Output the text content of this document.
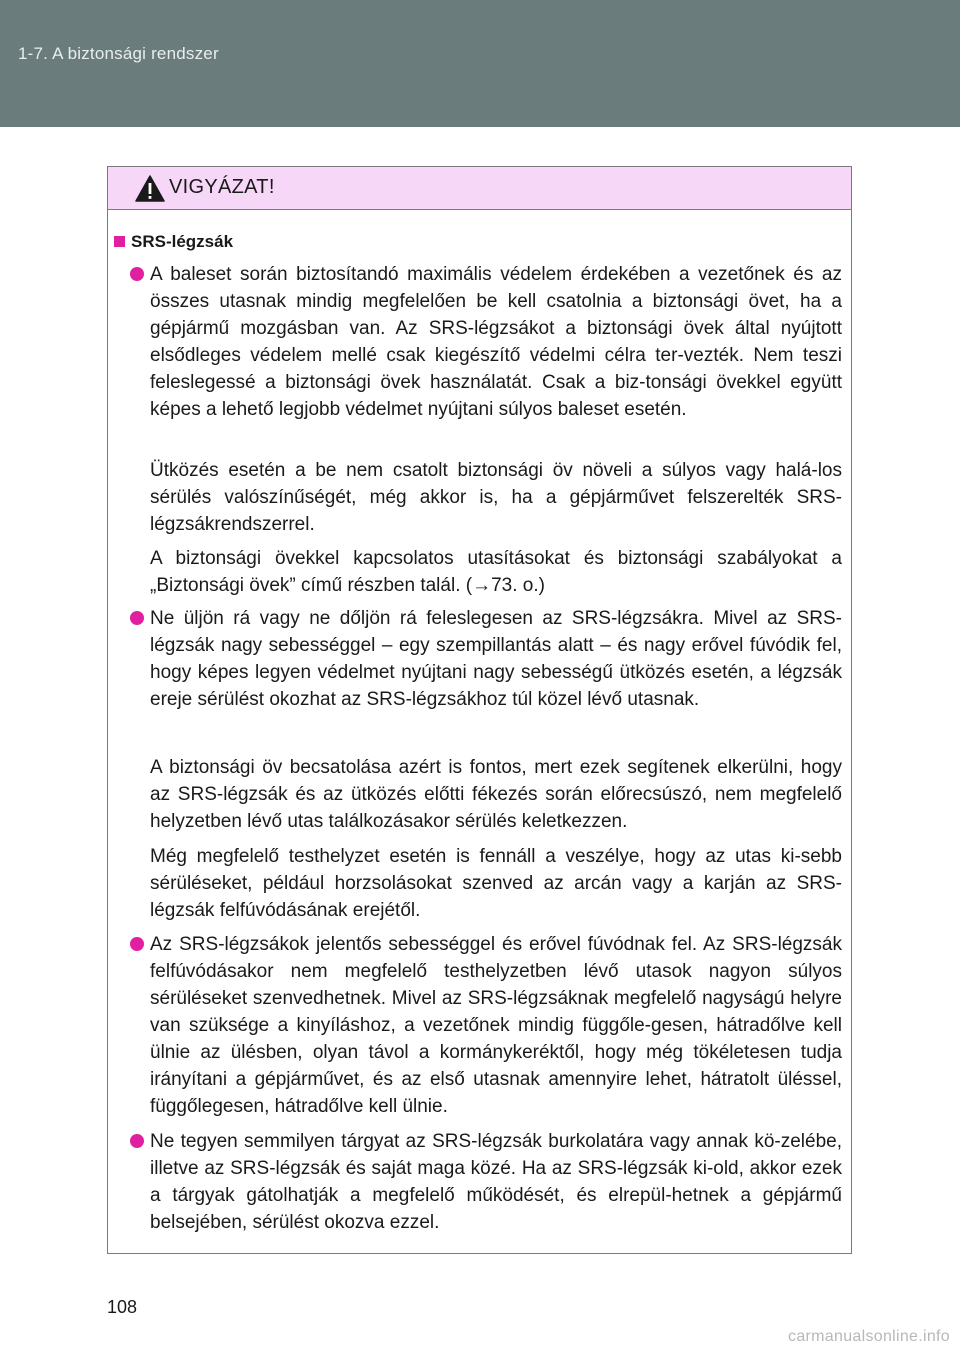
1-7. A biztonsági rendszer
VIGYÁZAT!
SRS-légzsák
A baleset során biztosítandó maximális védelem érdekében a vezetőnek és az összes utasnak mindig megfelelően be kell csatolnia a biztonsági övet, ha a gépjármű mozgásban van. Az SRS-légzsákot a biztonsági övek által nyújtott elsődleges védelem mellé csak kiegészítő védelmi célra ter-vezték. Nem teszi feleslegessé a biztonsági övek használatát. Csak a biz-tonsági övekkel együtt képes a lehető legjobb védelmet nyújtani súlyos baleset esetén.
Ütközés esetén a be nem csatolt biztonsági öv növeli a súlyos vagy halá-los sérülés valószínűségét, még akkor is, ha a gépjárművet felszerelték SRS-légzsákrendszerrel.
A biztonsági övekkel kapcsolatos utasításokat és biztonsági szabályokat a „Biztonsági övek” című részben talál. (→73. o.)
Ne üljön rá vagy ne dőljön rá feleslegesen az SRS-légzsákra. Mivel az SRS-légzsák nagy sebességgel – egy szempillantás alatt – és nagy erővel fúvódik fel, hogy képes legyen védelmet nyújtani nagy sebességű ütközés esetén, a légzsák ereje sérülést okozhat az SRS-légzsákhoz túl közel lévő utasnak.
A biztonsági öv becsatolása azért is fontos, mert ezek segítenek elkerülni, hogy az SRS-légzsák és az ütközés előtti fékezés során előrecsúszó, nem megfelelő helyzetben lévő utas találkozásakor sérülés keletkezzen.
Még megfelelő testhelyzet esetén is fennáll a veszélye, hogy az utas ki-sebb sérüléseket, például horzsolásokat szenved az arcán vagy a karján az SRS-légzsák felfúvódásának erejétől.
Az SRS-légzsákok jelentős sebességgel és erővel fúvódnak fel. Az SRS-légzsák felfúvódásakor nem megfelelő testhelyzetben lévő utasok nagyon súlyos sérüléseket szenvedhetnek. Mivel az SRS-légzsáknak megfelelő nagyságú helyre van szüksége a kinyíláshoz, a vezetőnek mindig függőle-gesen, hátradőlve kell ülnie az ülésben, olyan távol a kormánykeréktől, hogy még tökéletesen tudja irányítani a gépjárművet, és az első utasnak amennyire lehet, hátratolt üléssel, függőlegesen, hátradőlve kell ülnie.
Ne tegyen semmilyen tárgyat az SRS-légzsák burkolatára vagy annak kö-zelébe, illetve az SRS-légzsák és saját maga közé. Ha az SRS-légzsák ki-old, akkor ezek a tárgyak gátolhatják a megfelelő működését, és elrepül-hetnek a gépjármű belsejében, sérülést okozva ezzel.
108
carmanualsonline.info
